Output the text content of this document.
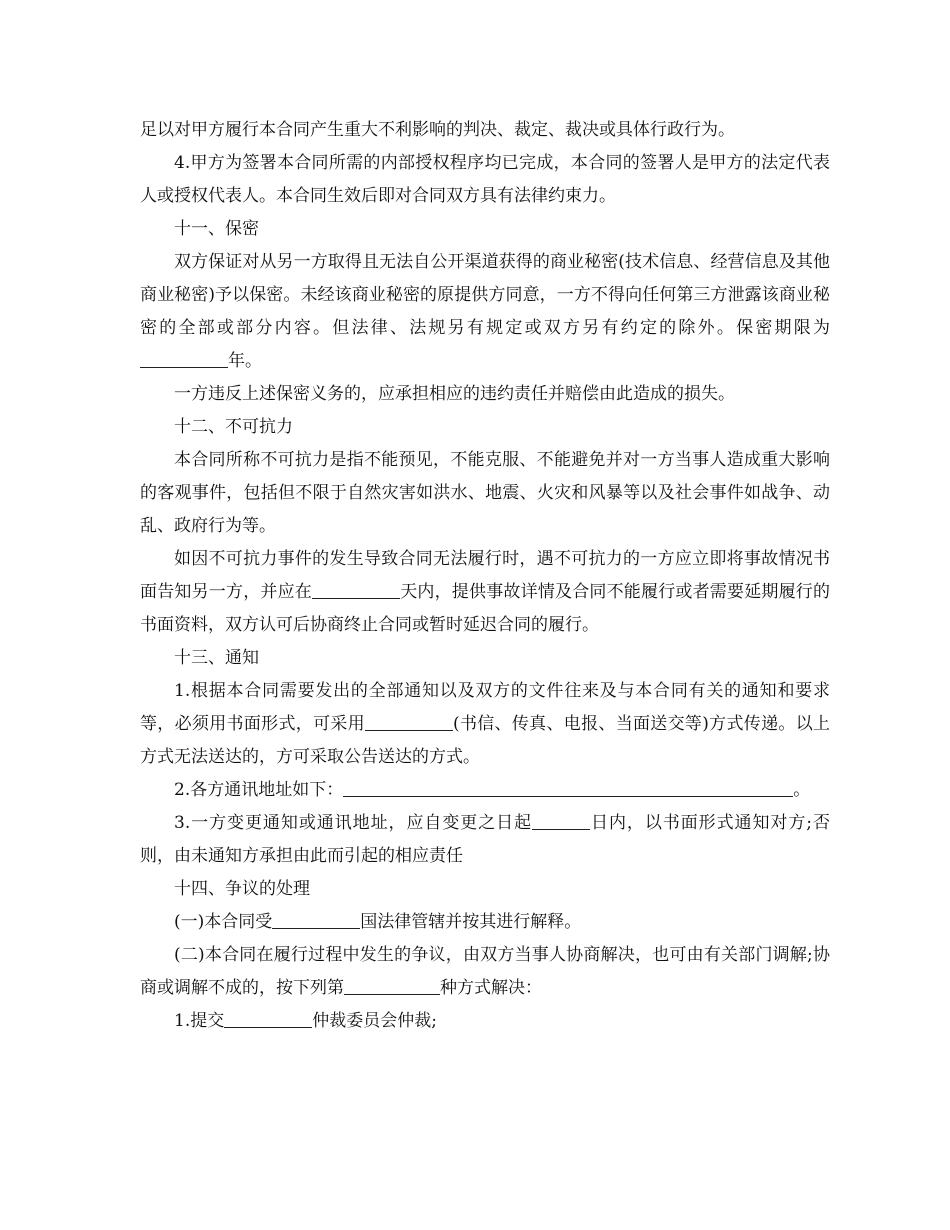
足以对甲方履行本合同产生重大不利影响的判决、裁定、裁决或具体行政行为。

4.甲方为签署本合同所需的内部授权程序均已完成，本合同的签署人是甲方的法定代表人或授权代表人。本合同生效后即对合同双方具有法律约束力。

十一、保密

双方保证对从另一方取得且无法自公开渠道获得的商业秘密(技术信息、经营信息及其他商业秘密)予以保密。未经该商业秘密的原提供方同意，一方不得向任何第三方泄露该商业秘密的全部或部分内容。但法律、法规另有规定或双方另有约定的除外。保密期限为年。

一方违反上述保密义务的，应承担相应的违约责任并赔偿由此造成的损失。

十二、不可抗力

本合同所称不可抗力是指不能预见，不能克服、不能避免并对一方当事人造成重大影响的客观事件，包括但不限于自然灾害如洪水、地震、火灾和风暴等以及社会事件如战争、动乱、政府行为等。

如因不可抗力事件的发生导致合同无法履行时，遇不可抗力的一方应立即将事故情况书面告知另一方，并应在	天内，提供事故详情及合同不能履行或者需要延期履行的书面资料，双方认可后协商终止合同或暂时延迟合同的履行。

十三、通知

1.根据本合同需要发出的全部通知以及双方的文件往来及与本合同有关的通知和要求等，必须用书面形式，可采用	(书信、传真、电报、当面送交等)方式传递。以上方式无法送达的，方可采取公告送达的方式。

2.各方通讯地址如下：	。

3.一方变更通知或通讯地址，应自变更之日起	日内，以书面形式通知对方;否则，由未通知方承担由此而引起的相应责任

十四、争议的处理

(一)本合同受	国法律管辖并按其进行解释。

(二)本合同在履行过程中发生的争议，由双方当事人协商解决，也可由有关部门调解;协商或调解不成的，按下列第	种方式解决：

1.提交	仲裁委员会仲裁;
